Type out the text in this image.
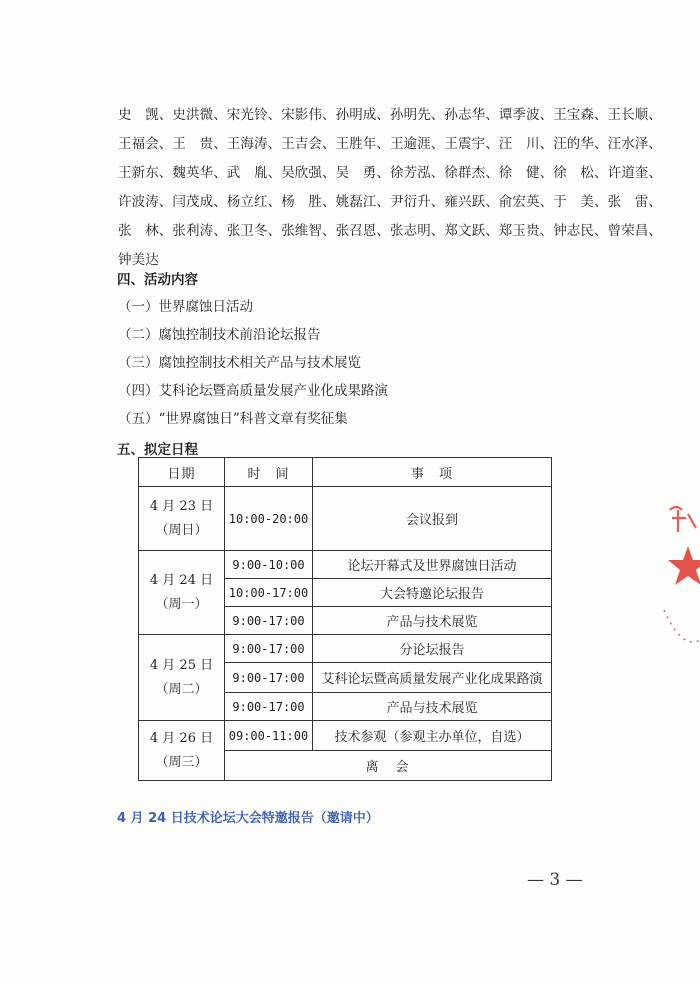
史　觊、史洪微、宋光铃、宋影伟、孙明成、孙明先、孙志华、谭季波、王宝森、王长顺、
王福会、王　贵、王海涛、王吉会、王胜年、王逾涯、王震宇、汪　川、汪的华、汪水泽、
王新东、魏英华、武　胤、吴欣强、吴　勇、徐芳泓、徐群杰、徐　健、徐　松、许道奎、
许波涛、闫茂成、杨立红、杨　胜、姚磊江、尹衍升、雍兴跃、俞宏英、于　美、张　雷、
张　林、张利涛、张卫冬、张维智、张召恩、张志明、郑文跃、郑玉贵、钟志民、曾荣昌、
钟美达
四、活动内容
（一）世界腐蚀日活动
（二）腐蚀控制技术前沿论坛报告
（三）腐蚀控制技术相关产品与技术展览
（四）艾科论坛暨高质量发展产业化成果路演
（五）“世界腐蚀日”科普文章有奖征集
五、拟定日程
日期	时　间	事　项

4 月 23 日
（周日）	10:00-20:00	会议报到

4 月 24 日
（周一）	9:00-10:00	论坛开幕式及世界腐蚀日活动
	10:00-17:00	大会特邀论坛报告
	9:00-17:00	产品与技术展览

4 月 25 日
（周二）	9:00-17:00	分论坛报告
	9:00-17:00	艾科论坛暨高质量发展产业化成果路演
	9:00-17:00	产品与技术展览

4 月 26 日
（周三）	09:00-11:00	技术参观（参观主办单位，自选）
	离　会	
4 月 24 日技术论坛大会特邀报告（邀请中）
— 3 —
